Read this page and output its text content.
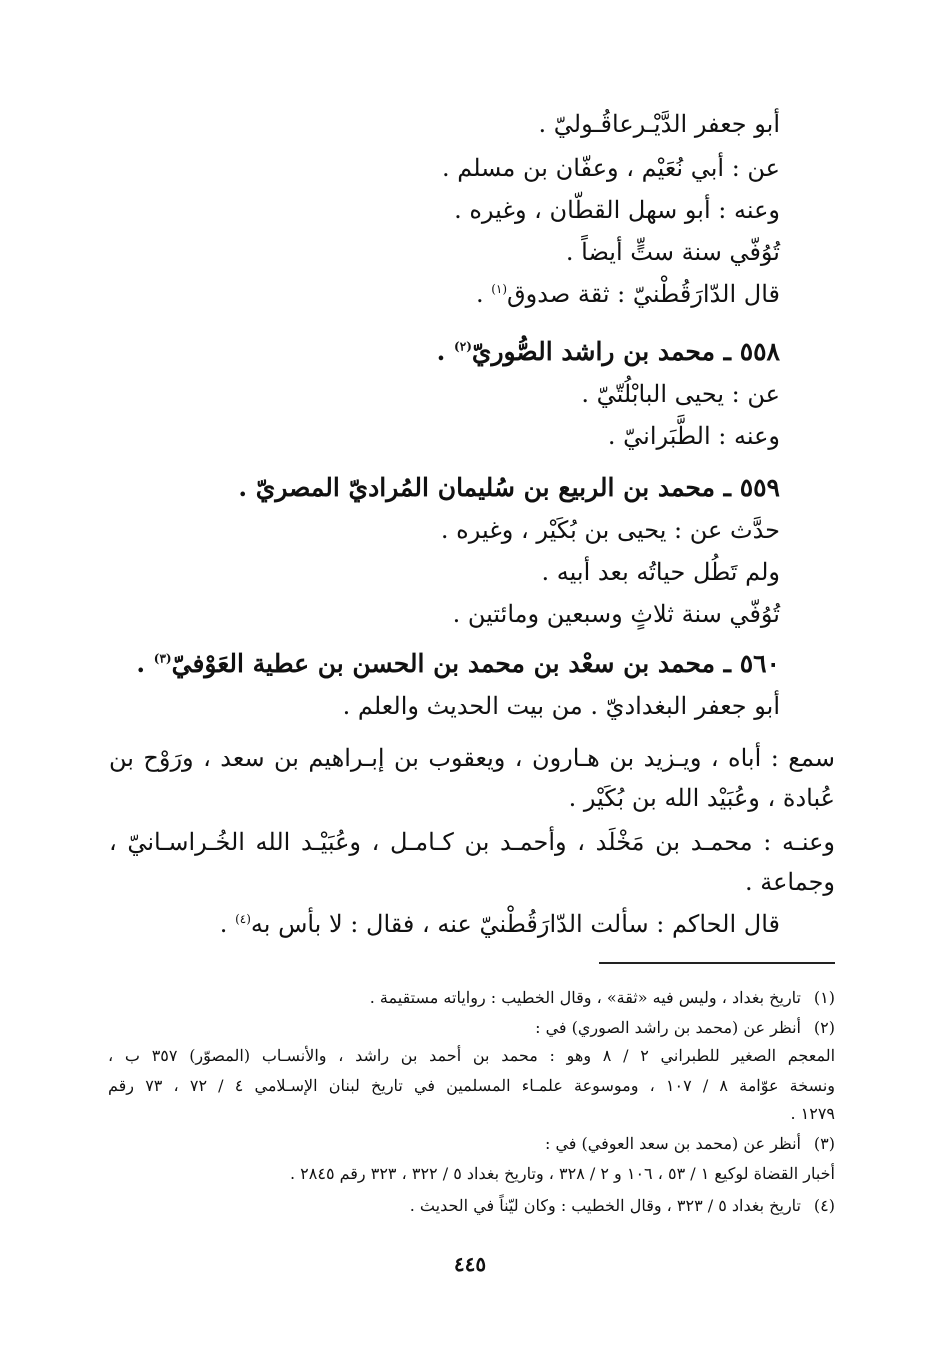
أبو جعفر الدَّيْـرعاقُـوليّ .
عن : أبي نُعَيْم ، وعفّان بن مسلم .
وعنه : أبو سهل القطّان ، وغيره .
تُوُفّي سنة ستٍّ أيضاً .
قال الدّارَقُطْنيّ : ثقة صدوق$^{(١)}$ .
٥٥٨ ـ محمد بن راشد الصُّوريّ$^{(٢)}$ .
عن : يحيى البابْلُتّيّ .
وعنه : الطَّبَرانيّ .
٥٥٩ ـ محمد بن الربيع بن سُليمان المُراديّ المصريّ .
حدَّث عن : يحيى بن بُكَيْر ، وغيره .
ولم تَطُل حياتُه بعد أبيه .
تُوُفّي سنة ثلاثٍ وسبعين ومائتين .
٥٦٠ ـ محمد بن سعْد بن محمد بن الحسن بن عطية العَوْفيّ$^{(٣)}$ .
أبو جعفر البغداديّ . من بيت الحديث والعلم .
سمع : أباه ، ويـزيد بن هـارون ، ويعقوب بن إبـراهيم بن سعد ، ورَوْح بن
عُبادة ، وعُبَيْد الله بن بُكَيْر .
وعنـه : محمـد بن مَخْلَد ، وأحمـد بن كـامـل ، وعُبَيْـد الله الخُـراسـانيّ ،
وجماعة .
قال الحاكم : سألت الدّارَقُطْنيّ عنه ، فقال : لا بأس به$^{(٤)}$ .
(١)تاريخ بغداد ، وليس فيه «ثقة» ، وقال الخطيب : رواياته مستقيمة .
(٢)أنظر عن (محمد بن راشد الصوري) في :
المعجم الصغير للطبراني ٢ / ٨ وهو : محمد بن أحمد بن راشد ، والأنسـاب (المصوّر) ٣٥٧ ب ،
ونسخة عوّامة ٨ / ١٠٧ ، وموسوعة علمـاء المسلمين في تاريخ لبنان الإسـلامي ٤ / ٧٢ ، ٧٣ رقم
١٢٧٩ .
(٣)أنظر عن (محمد بن سعد العوفي) في :
أخبار القضاة لوكيع ١ / ٥٣ ، ١٠٦ و ٢ / ٣٢٨ ، وتاريخ بغداد ٥ / ٣٢٢ ، ٣٢٣ رقم ٢٨٤٥ .
(٤)تاريخ بغداد ٥ / ٣٢٣ ، وقال الخطيب : وكان ليّناً في الحديث .
٤٤٥
